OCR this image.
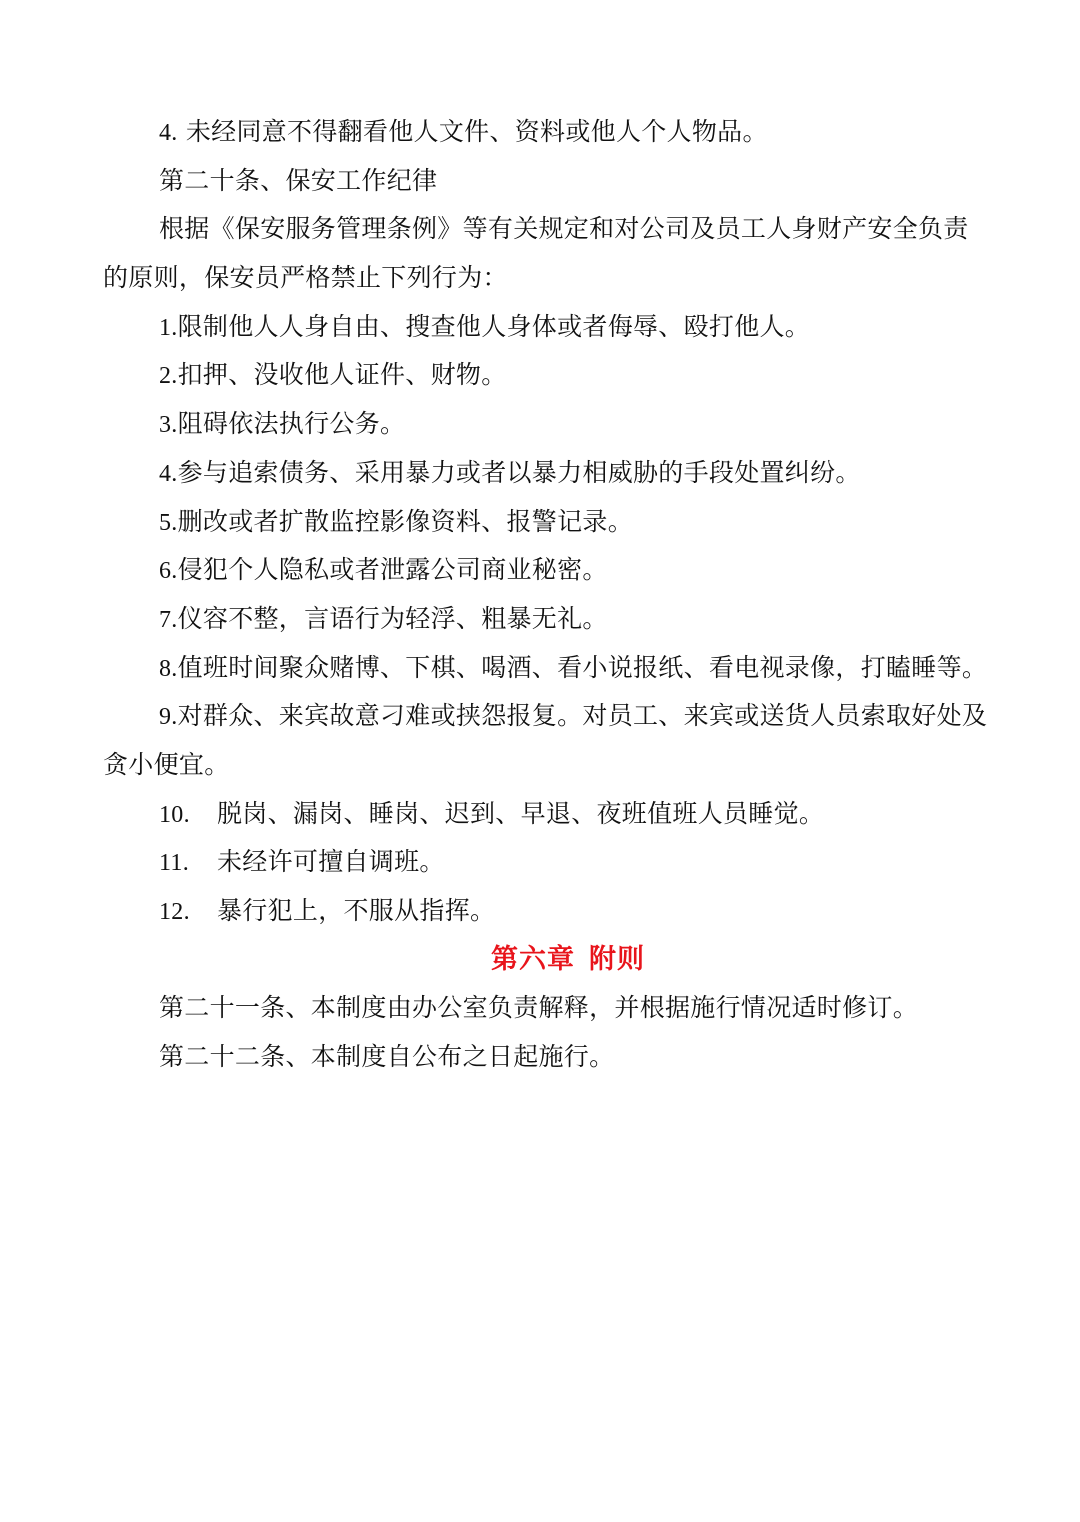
4. 未经同意不得翻看他人文件、资料或他人个人物品。
第二十条、保安工作纪律
根据《保安服务管理条例》等有关规定和对公司及员工人身财产安全负责
的原则，保安员严格禁止下列行为：
1.限制他人人身自由、搜查他人身体或者侮辱、殴打他人。
2.扣押、没收他人证件、财物。
3.阻碍依法执行公务。
4.参与追索债务、采用暴力或者以暴力相威胁的手段处置纠纷。
5.删改或者扩散监控影像资料、报警记录。
6.侵犯个人隐私或者泄露公司商业秘密。
7.仪容不整，言语行为轻浮、粗暴无礼。
8.值班时间聚众赌博、下棋、喝酒、看小说报纸、看电视录像，打瞌睡等。
9.对群众、来宾故意刁难或挟怨报复。对员工、来宾或送货人员索取好处及
贪小便宜。
10. 脱岗、漏岗、睡岗、迟到、早退、夜班值班人员睡觉。
11. 未经许可擅自调班。
12. 暴行犯上，不服从指挥。
第六章 附则
第二十一条、本制度由办公室负责解释，并根据施行情况适时修订。
第二十二条、本制度自公布之日起施行。
